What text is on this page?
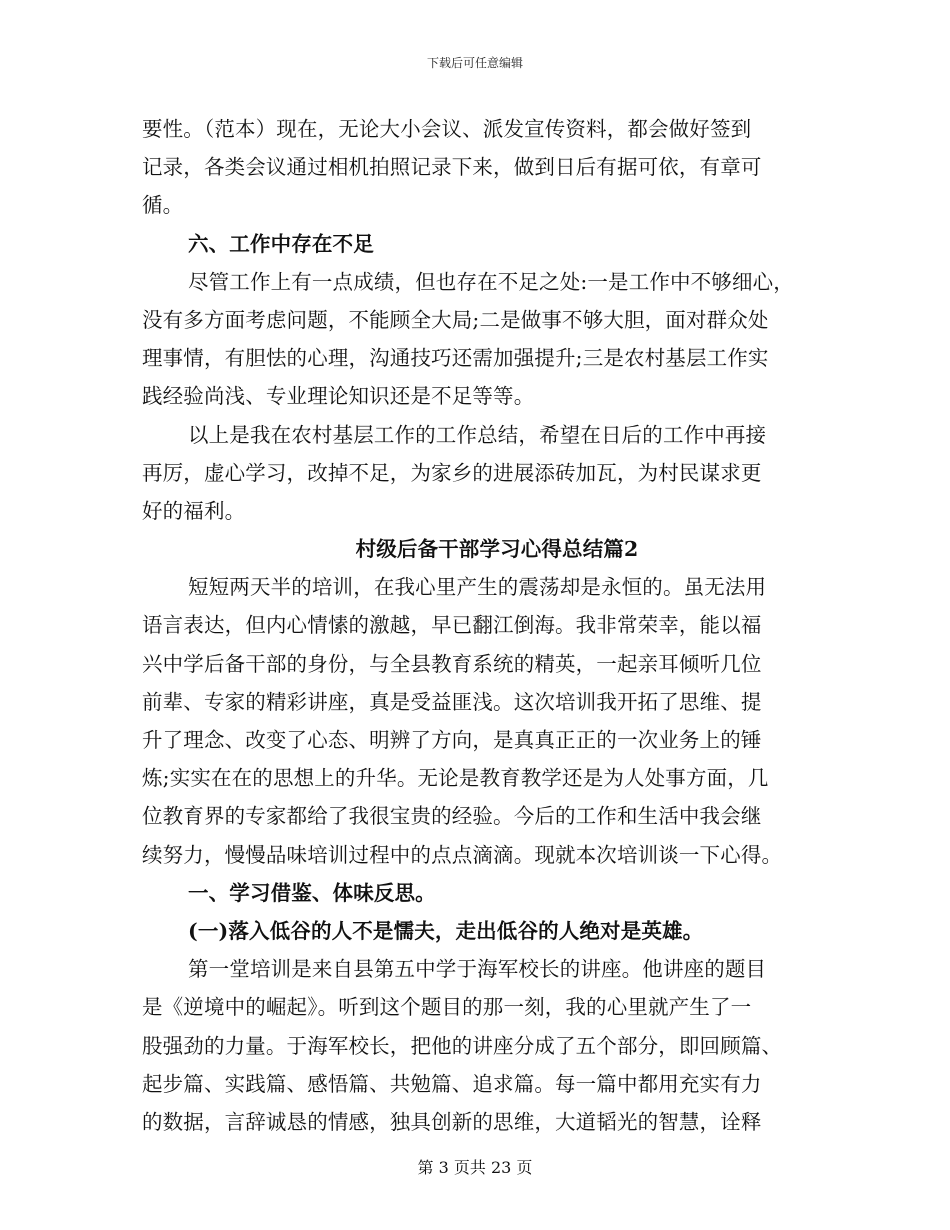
下载后可任意编辑
要性。（范本）现在，无论大小会议、派发宣传资料，都会做好签到
记录，各类会议通过相机拍照记录下来，做到日后有据可依，有章可
循。
六、工作中存在不足
尽管工作上有一点成绩，但也存在不足之处:一是工作中不够细心，
没有多方面考虑问题，不能顾全大局;二是做事不够大胆，面对群众处
理事情，有胆怯的心理，沟通技巧还需加强提升;三是农村基层工作实
践经验尚浅、专业理论知识还是不足等等。
以上是我在农村基层工作的工作总结，希望在日后的工作中再接
再厉，虚心学习，改掉不足，为家乡的进展添砖加瓦，为村民谋求更
好的福利。
村级后备干部学习心得总结篇2
短短两天半的培训，在我心里产生的震荡却是永恒的。虽无法用
语言表达，但内心情愫的激越，早已翻江倒海。我非常荣幸，能以福
兴中学后备干部的身份，与全县教育系统的精英，一起亲耳倾听几位
前辈、专家的精彩讲座，真是受益匪浅。这次培训我开拓了思维、提
升了理念、改变了心态、明辨了方向，是真真正正的一次业务上的锤
炼;实实在在的思想上的升华。无论是教育教学还是为人处事方面，几
位教育界的专家都给了我很宝贵的经验。今后的工作和生活中我会继
续努力，慢慢品味培训过程中的点点滴滴。现就本次培训谈一下心得。
一、学习借鉴、体味反思。
(一)落入低谷的人不是懦夫，走出低谷的人绝对是英雄。
第一堂培训是来自县第五中学于海军校长的讲座。他讲座的题目
是《逆境中的崛起》。听到这个题目的那一刻，我的心里就产生了一
股强劲的力量。于海军校长，把他的讲座分成了五个部分，即回顾篇、
起步篇、实践篇、感悟篇、共勉篇、追求篇。每一篇中都用充实有力
的数据，言辞诚恳的情感，独具创新的思维，大道韬光的智慧，诠释
第 3 页共 23 页
